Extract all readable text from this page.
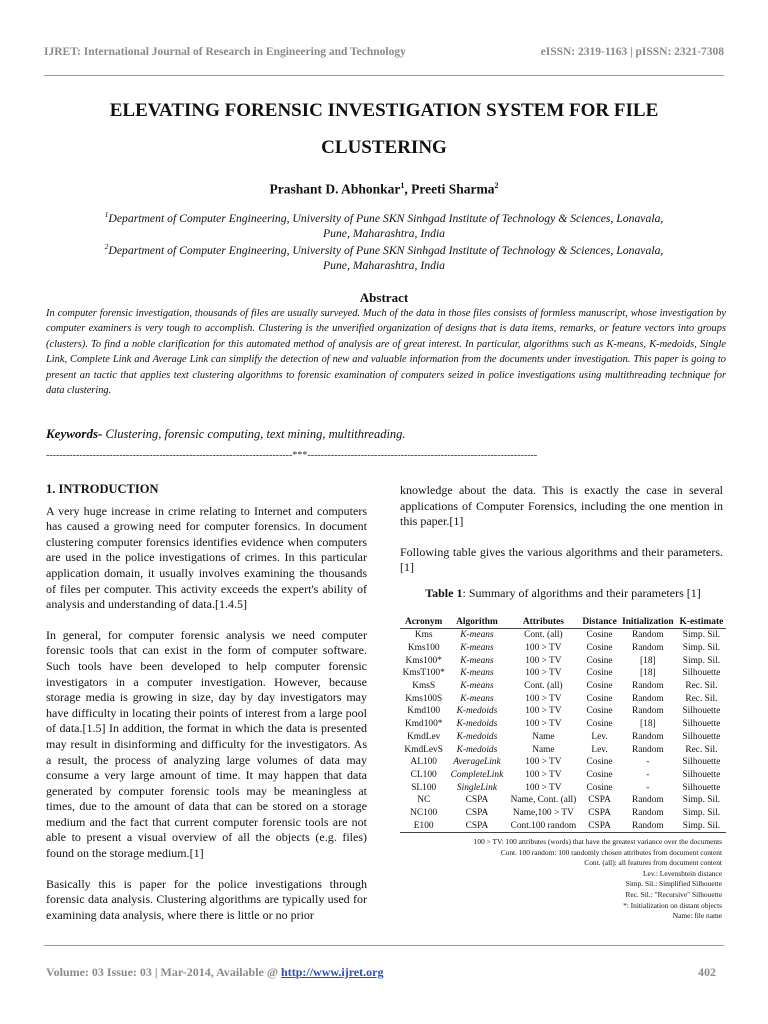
IJRET: International Journal of Research in Engineering and Technology	eISSN: 2319-1163 | pISSN: 2321-7308
ELEVATING FORENSIC INVESTIGATION SYSTEM FOR FILE
CLUSTERING
Prashant D. Abhonkar$^1$, Preeti Sharma$^2$
$^1$Department of Computer Engineering, University of Pune SKN Sinhgad Institute of Technology & Sciences, Lonavala,
Pune, Maharashtra, India
$^2$Department of Computer Engineering, University of Pune SKN Sinhgad Institute of Technology & Sciences, Lonavala,
Pune, Maharashtra, India
Abstract
In computer forensic investigation, thousands of files are usually surveyed. Much of the data in those files consists of formless manuscript, whose investigation by computer examiners is very tough to accomplish. Clustering is the unverified organization of designs that is data items, remarks, or feature vectors into groups (clusters). To find a noble clarification for this automated method of analysis are of great interest. In particular, algorithms such as K-means, K-medoids, Single Link, Complete Link and Average Link can simplify the detection of new and valuable information from the documents under investigation. This paper is going to present an tactic that applies text clustering algorithms to forensic examination of computers seized in police investigations using multithreading technique for data clustering.
Keywords- Clustering, forensic computing, text mining, multithreading.
--------------------------------------------------------------------------***---------------------------------------------------------------------

1. INTRODUCTION

A very huge increase in crime relating to Internet and computers has caused a growing need for computer forensics. In document clustering computer forensics identifies evidence when computers are used in the police investigations of crimes. In this particular application domain, it usually involves examining the thousands of files per computer. This activity exceeds the expert's ability of analysis and understanding of data.[1.4.5]

In general, for computer forensic analysis we need computer forensic tools that can exist in the form of computer software. Such tools have been developed to help computer forensic investigators in a computer investigation. However, because storage media is growing in size, day by day investigators may have difficulty in locating their points of interest from a large pool of data.[1.5] In addition, the format in which the data is presented may result in disinforming and difficulty for the investigators. As a result, the process of analyzing large volumes of data may consume a very large amount of time. It may happen that data generated by computer forensic tools may be meaningless at times, due to the amount of data that can be stored on a storage medium and the fact that current computer forensic tools are not able to present a visual overview of all the objects (e.g. files) found on the storage medium.[1]

Basically this is paper for the police investigations through forensic data analysis. Clustering algorithms are typically used for examining data analysis, where there is little or no prior

knowledge about the data. This is exactly the case in several applications of Computer Forensics, including the one mention in this paper.[1]

Following table gives the various algorithms and their parameters. [1]

Table 1: Summary of algorithms and their parameters [1]
Acronym	Algorithm	Attributes	Distance	Initialization	K-estimate
Kms	K-means	Cont. (all)	Cosine	Random	Simp. Sil.
Kms100	K-means	100 > TV	Cosine	Random	Simp. Sil.
Kms100*	K-means	100 > TV	Cosine	[18]	Simp. Sil.
KmsT100*	K-means	100 > TV	Cosine	[18]	Silhouette
KmsS	K-means	Cont. (all)	Cosine	Random	Rec. Sil.
Kms100S	K-means	100 > TV	Cosine	Random	Rec. Sil.
Kmd100	K-medoids	100 > TV	Cosine	Random	Silhouette
Kmd100*	K-medoids	100 > TV	Cosine	[18]	Silhouette
KmdLev	K-medoids	Name	Lev.	Random	Silhouette
KmdLevS	K-medoids	Name	Lev.	Random	Rec. Sil.
AL100	AverageLink	100 > TV	Cosine	-	Silhouette
CL100	CompleteLink	100 > TV	Cosine	-	Silhouette
SL100	SingleLink	100 > TV	Cosine	-	Silhouette
NC	CSPA	Name, Cont. (all)	CSPA	Random	Simp. Sil.
NC100	CSPA	Name,100 > TV	CSPA	Random	Simp. Sil.
E100	CSPA	Cont.100 random	CSPA	Random	Simp. Sil.
100 > TV: 100 attributes (words) that have the greatest variance over the documents
Cont. 100 random: 100 randomly chosen attributes from document content
Cont. (all): all features from document content
Lev.: Levenshtein distance
Simp. Sil.: Simplified Silhouette
Rec. Sil.: "Recursive" Silhouette
*: Initialization on distant objects
Name: file name
Volume: 03 Issue: 03 | Mar-2014, Available @ http://www.ijret.org	402
